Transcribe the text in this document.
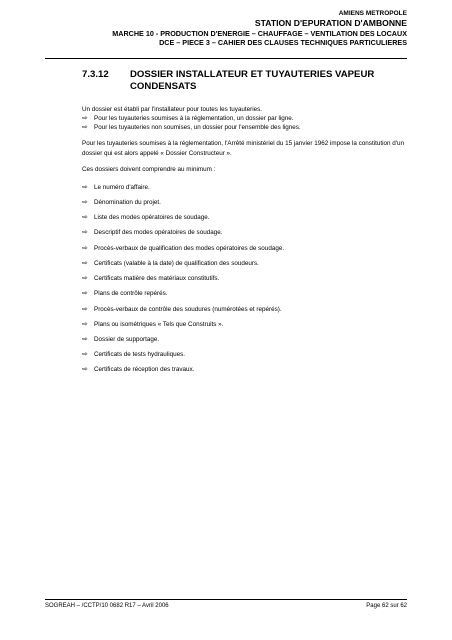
AMIENS METROPOLE
STATION D'EPURATION D'AMBONNE
MARCHE 10 - PRODUCTION D'ENERGIE – CHAUFFAGE – VENTILATION DES LOCAUX
DCE – PIECE 3 – CAHIER DES CLAUSES TECHNIQUES PARTICULIERES
7.3.12 DOSSIER INSTALLATEUR ET TUYAUTERIES VAPEUR CONDENSATS

Un dossier est établi par l'installateur pour toutes les tuyauteries.

⇨ Pour les tuyauteries soumises à la réglementation, un dossier par ligne.
⇨ Pour les tuyauteries non soumises, un dossier pour l'ensemble des lignes.

Pour les tuyauteries soumises à la réglementation, l'Arrêté ministériel du 15 janvier 1962 impose la constitution d'un dossier qui est alors appelé « Dossier Constructeur ».

Ces dossiers doivent comprendre au minimum :

⇨ Le numéro d'affaire.
⇨ Dénomination du projet.
⇨ Liste des modes opératoires de soudage.
⇨ Descriptif des modes opératoires de soudage.
⇨ Procès-verbaux de qualification des modes opératoires de soudage.
⇨ Certificats (valable à la date) de qualification des soudeurs.
⇨ Certificats matière des matériaux constitutifs.
⇨ Plans de contrôle repérés.
⇨ Procès-verbaux de contrôle des soudures (numérotées et repérés).
⇨ Plans ou isométriques « Tels que Construits ».
⇨ Dossier de supportage.
⇨ Certificats de tests hydrauliques.
⇨ Certificats de réception des travaux.
SOGREAH – /CCTP/10 0682 R17 – Avril 2006	Page 62 sur 62
